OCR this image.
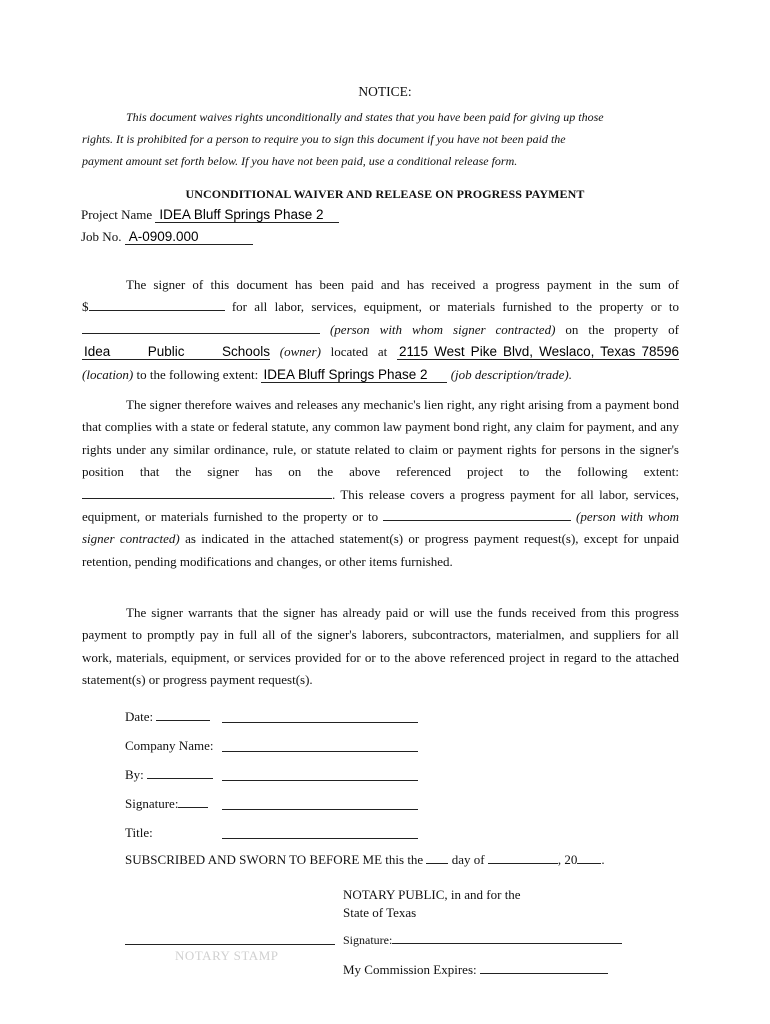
NOTICE:
This document waives rights unconditionally and states that you have been paid for giving up those
rights. It is prohibited for a person to require you to sign this document if you have not been paid the
payment amount set forth below. If you have not been paid, use a conditional release form.
UNCONDITIONAL WAIVER AND RELEASE ON PROGRESS PAYMENT
Project Name IDEA Bluff Springs Phase 2
Job No. A-0909.000
The signer of this document has been paid and has received a progress payment in the sum of
$	for all labor, services, equipment, or materials furnished to the property or to
(person with whom signer contracted) on the property of
Idea Public Schools (owner) located at 2115 West Pike Blvd, Weslaco, Texas 78596
(location) to the following extent: IDEA Bluff Springs Phase 2 (job description/trade).
The signer therefore waives and releases any mechanic's lien right, any right arising from a payment bond that complies with a state or federal statute, any common law payment bond right, any claim for payment, and any rights under any similar ordinance, rule, or statute related to claim or payment rights for persons in the signer's position that the signer has on the above referenced project to the following extent: . This release covers a progress payment for all labor, services, equipment, or materials furnished to the property or to	(person with whom signer contracted) as indicated in the attached statement(s) or progress payment request(s), except for unpaid retention, pending modifications and changes, or other items furnished.
The signer warrants that the signer has already paid or will use the funds received from this progress payment to promptly pay in full all of the signer's laborers, subcontractors, materialmen, and suppliers for all work, materials, equipment, or services provided for or to the above referenced project in regard to the attached statement(s) or progress payment request(s).
Date:
Company Name:
By:
Signature:
Title:
SUBSCRIBED AND SWORN TO BEFORE ME this the day of	, 20 .
NOTARY PUBLIC, in and for the
State of Texas
NOTARY STAMP
Signature:
My Commission Expires:
